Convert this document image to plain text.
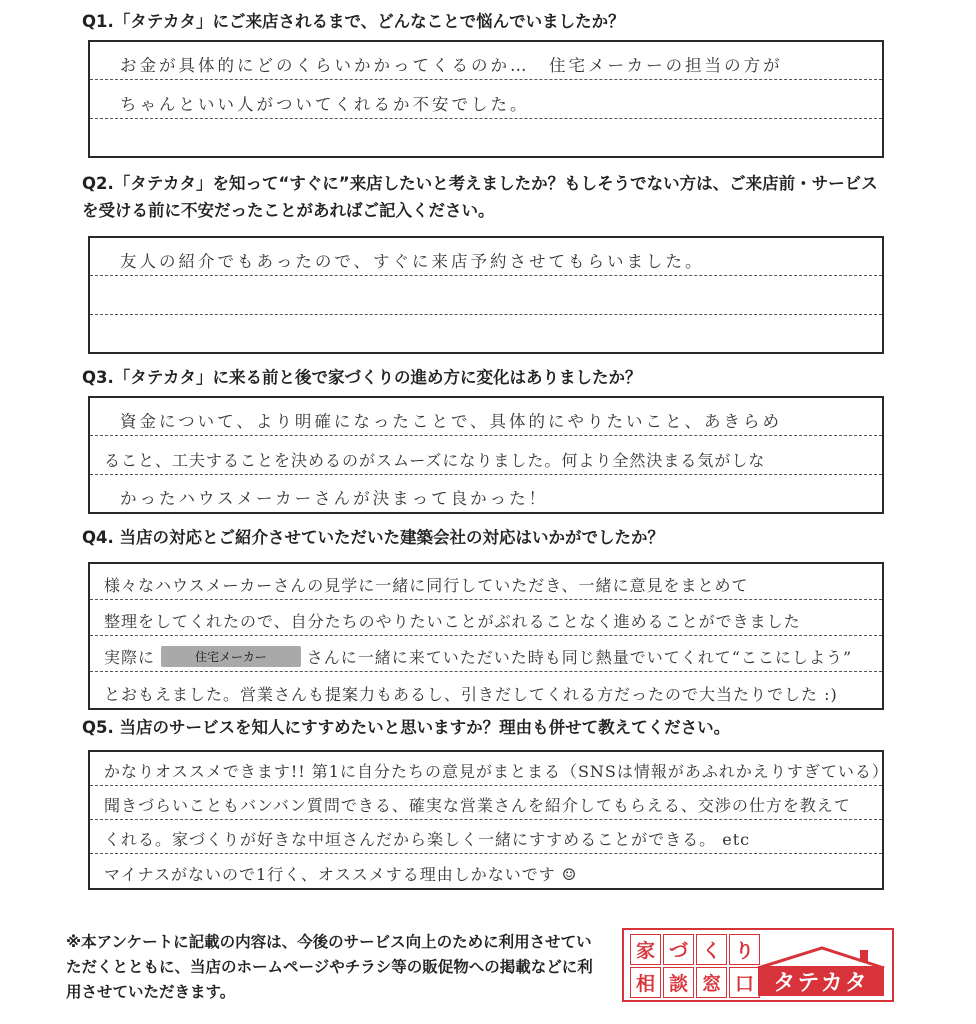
Q1.「タテカタ」にご来店されるまで、どんなことで悩んでいましたか？
お金が具体的にどのくらいかかってくるのか…　住宅メーカーの担当の方が
ちゃんといい人がついてくれるか不安でした。
Q2.「タテカタ」を知って“すぐに”来店したいと考えましたか？もしそうでない方は、ご来店前・サービスを受ける前に不安だったことがあればご記入ください。
友人の紹介でもあったので、すぐに来店予約させてもらいました。
Q3.「タテカタ」に来る前と後で家づくりの進め方に変化はありましたか？
資金について、より明確になったことで、具体的にやりたいこと、あきらめ
ること、工夫することを決めるのがスムーズになりました。何より全然決まる気がしな
かったハウスメーカーさんが決まって良かった！
Q4. 当店の対応とご紹介させていただいた建築会社の対応はいかがでしたか？
様々なハウスメーカーさんの見学に一緒に同行していただき、一緒に意見をまとめて
整理をしてくれたので、自分たちのやりたいことがぶれることなく進めることができました
実際に	住宅メーカー	さんに一緒に来ていただいた時も同じ熱量でいてくれて“ここにしよう”
とおもえました。営業さんも提案力もあるし、引きだしてくれる方だったので大当たりでした :)
Q5. 当店のサービスを知人にすすめたいと思いますか？理由も併せて教えてください。
かなりオススメできます!! 第1に自分たちの意見がまとまる（SNSは情報があふれかえりすぎている）
聞きづらいこともバンバン質問できる、確実な営業さんを紹介してもらえる、交渉の仕方を教えて
くれる。家づくりが好きな中垣さんだから楽しく一緒にすすめることができる。 etc
マイナスがないので1行く、オススメする理由しかないです ☺
※本アンケートに記載の内容は、今後のサービス向上のために利用させていただくとともに、当店のホームページやチラシ等の販促物への掲載などに利用させていただきます。
家 づ く り
相 談 窓 口 タテカタ
